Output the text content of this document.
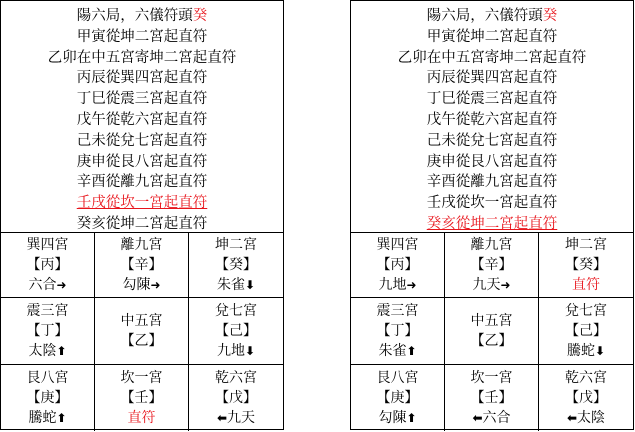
陽六局，六儀符頭癸
甲寅從坤二宮起直符
乙卯在中五宮寄坤二宮起直符
丙辰從巽四宮起直符
丁巳從震三宮起直符
戊午從乾六宮起直符
己未從兌七宮起直符
庚申從艮八宮起直符
辛酉從離九宮起直符
壬戌從坎一宮起直符
癸亥從坤二宮起直符
巽四宮
【丙】
六合➜
離九宮
【辛】
勾陳➜
坤二宮
【癸】
朱雀⬇
震三宮
【丁】
太陰⬆
中五宮
【乙】
兌七宮
【己】
九地⬇
艮八宮
【庚】
騰蛇⬆
坎一宮
【壬】
直符
乾六宮
【戊】
⬅九天
陽六局，六儀符頭癸
甲寅從坤二宮起直符
乙卯在中五宮寄坤二宮起直符
丙辰從巽四宮起直符
丁巳從震三宮起直符
戊午從乾六宮起直符
己未從兌七宮起直符
庚申從艮八宮起直符
辛酉從離九宮起直符
壬戌從坎一宮起直符
癸亥從坤二宮起直符
巽四宮
【丙】
九地➜
離九宮
【辛】
九天➜
坤二宮
【癸】
直符
震三宮
【丁】
朱雀⬆
中五宮
【乙】
兌七宮
【己】
騰蛇⬇
艮八宮
【庚】
勾陳⬆
坎一宮
【壬】
⬅六合
乾六宮
【戊】
⬅太陰
